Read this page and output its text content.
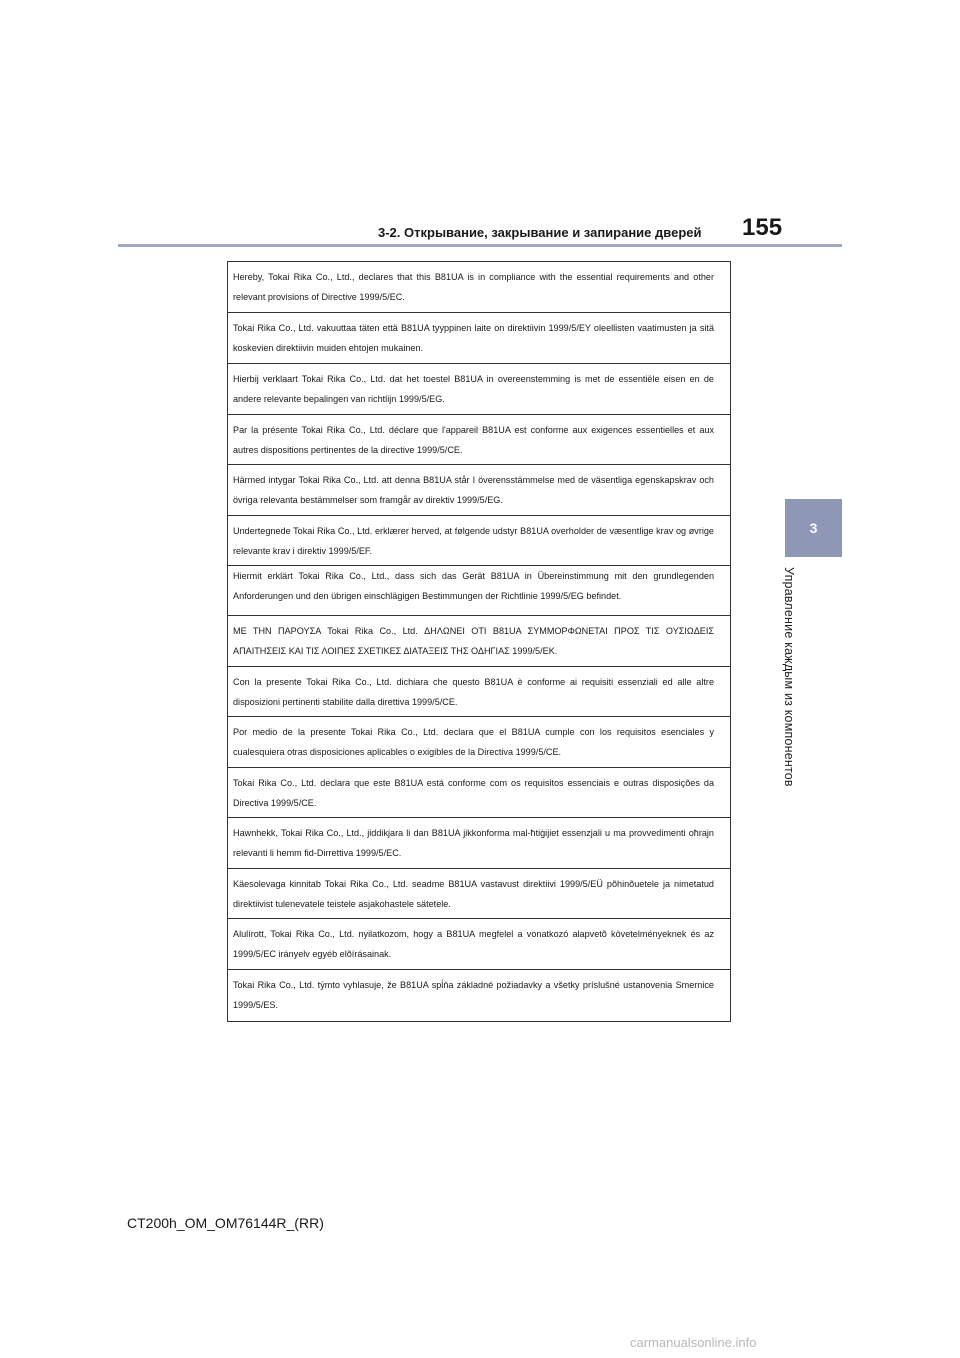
3-2. Открывание, закрывание и запирание дверей 155
3
Управление каждым из компонентов
Hereby, Tokai Rika Co., Ltd., declares that this B81UA is in compliance with the essential requirements and other relevant provisions of Directive 1999/5/EC.
Tokai Rika Co., Ltd. vakuuttaa täten että B81UA tyyppinen laite on direktiivin 1999/5/EY oleellisten vaatimusten ja sitä koskevien direktiivin muiden ehtojen mukainen.
Hierbij verklaart Tokai Rika Co., Ltd. dat het toestel B81UA in overeenstemming is met de essentiële eisen en de andere relevante bepalingen van richtlijn 1999/5/EG.
Par la présente Tokai Rika Co., Ltd. déclare que l'appareil B81UA est conforme aux exigences essentielles et aux autres dispositions pertinentes de la directive 1999/5/CE.
Härmed intygar Tokai Rika Co., Ltd. att denna B81UA står I överensstämmelse med de väsentliga egenskapskrav och övriga relevanta bestämmelser som framgår av direktiv 1999/5/EG.
Undertegnede Tokai Rika Co., Ltd. erklærer herved, at følgende udstyr B81UA overholder de væsentlige krav og øvrige relevante krav i direktiv 1999/5/EF.
Hiermit erklärt Tokai Rika Co., Ltd., dass sich das Gerät B81UA in Übereinstimmung mit den grundlegenden Anforderungen und den übrigen einschlägigen Bestimmungen der Richtlinie 1999/5/EG befindet.
ΜΕ ΤΗΝ ΠΑΡΟΥΣΑ Tokai Rika Co., Ltd. ΔΗΛΩΝΕΙ ΟΤΙ B81UA ΣΥΜΜΟΡΦΩΝΕΤΑΙ ΠΡΟΣ ΤΙΣ ΟΥΣΙΩΔΕΙΣ ΑΠΑΙΤΗΣΕΙΣ ΚΑΙ ΤΙΣ ΛΟΙΠΕΣ ΣΧΕΤΙΚΕΣ ΔΙΑΤΑΞΕΙΣ ΤΗΣ ΟΔΗΓΙΑΣ 1999/5/ΕΚ.
Con la presente Tokai Rika Co., Ltd. dichiara che questo B81UA è conforme ai requisiti essenziali ed alle altre disposizioni pertinenti stabilite dalla direttiva 1999/5/CE.
Por medio de la presente Tokai Rika Co., Ltd. declara que el B81UA cumple con los requisitos esenciales y cualesquiera otras disposiciones aplicables o exigibles de la Directiva 1999/5/CE.
Tokai Rika Co., Ltd. declara que este B81UA está conforme com os requisitos essenciais e outras disposições da Directiva 1999/5/CE.
Hawnhekk, Tokai Rika Co., Ltd., jiddikjara li dan B81UA jikkonforma mal-ħtiġijiet essenzjali u ma provvedimenti oħrajn relevanti li hemm fid-Dirrettiva 1999/5/EC.
Käesolevaga kinnitab Tokai Rika Co., Ltd. seadme B81UA vastavust direktiivi 1999/5/EÜ põhinõuetele ja nimetatud direktiivist tulenevatele teistele asjakohastele sätetele.
Alulírott, Tokai Rika Co., Ltd. nyilatkozom, hogy a B81UA megfelel a vonatkozó alapvetõ követelményeknek és az 1999/5/EC irányelv egyéb elõírásainak.
Tokai Rika Co., Ltd. týmto vyhlasuje, že B81UA spĺňa základné požiadavky a všetky príslušné ustanovenia Smernice 1999/5/ES.
CT200h_OM_OM76144R_(RR)
carmanualsonline.info
